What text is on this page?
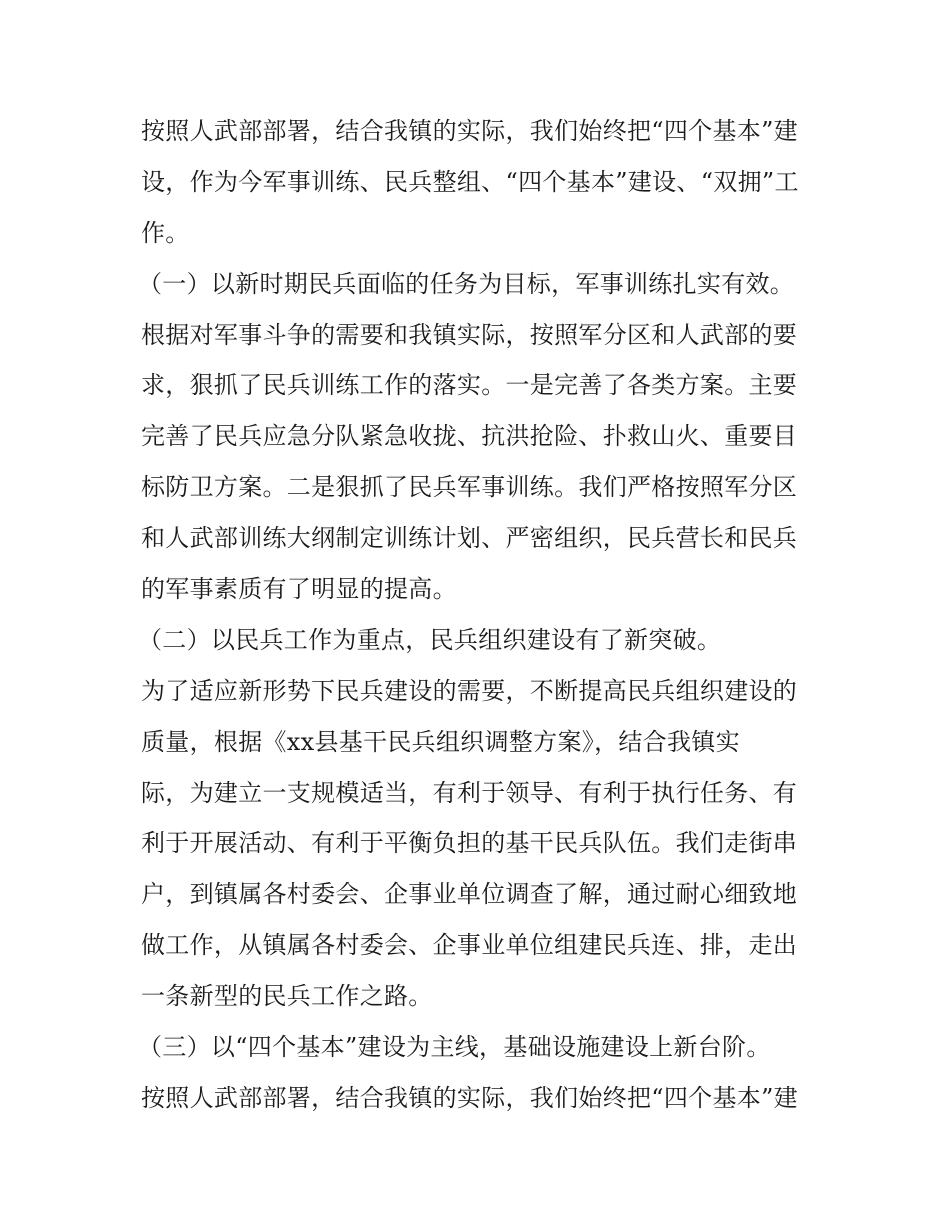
按照人武部部署，结合我镇的实际，我们始终把“四个基本”建
设，作为今军事训练、民兵整组、“四个基本”建设、“双拥”工
作。
（一）以新时期民兵面临的任务为目标，军事训练扎实有效。
根据对军事斗争的需要和我镇实际，按照军分区和人武部的要
求，狠抓了民兵训练工作的落实。一是完善了各类方案。主要
完善了民兵应急分队紧急收拢、抗洪抢险、扑救山火、重要目
标防卫方案。二是狠抓了民兵军事训练。我们严格按照军分区
和人武部训练大纲制定训练计划、严密组织，民兵营长和民兵
的军事素质有了明显的提高。
（二）以民兵工作为重点，民兵组织建设有了新突破。
为了适应新形势下民兵建设的需要，不断提高民兵组织建设的
质量，根据《xx县基干民兵组织调整方案》，结合我镇实
际，为建立一支规模适当，有利于领导、有利于执行任务、有
利于开展活动、有利于平衡负担的基干民兵队伍。我们走街串
户，到镇属各村委会、企事业单位调查了解，通过耐心细致地
做工作，从镇属各村委会、企事业单位组建民兵连、排，走出
一条新型的民兵工作之路。
（三）以“四个基本”建设为主线，基础设施建设上新台阶。
按照人武部部署，结合我镇的实际，我们始终把“四个基本”建
